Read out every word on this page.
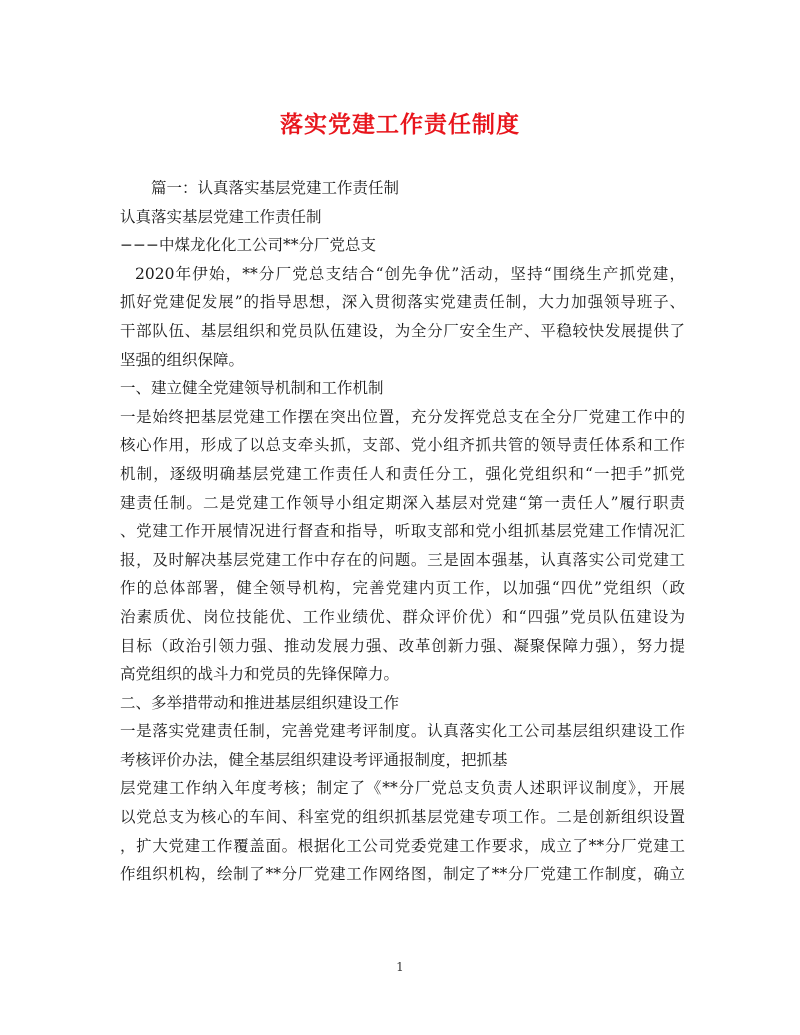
落实党建工作责任制度
篇一：认真落实基层党建工作责任制
认真落实基层党建工作责任制
−−−中煤龙化化工公司**分厂党总支
2020年伊始，**分厂党总支结合“创先争优”活动，坚持“围绕生产抓党建，
抓好党建促发展”的指导思想，深入贯彻落实党建责任制，大力加强领导班子、
干部队伍、基层组织和党员队伍建设，为全分厂安全生产、平稳较快发展提供了
坚强的组织保障。
一、建立健全党建领导机制和工作机制
一是始终把基层党建工作摆在突出位置，充分发挥党总支在全分厂党建工作中的
核心作用，形成了以总支牵头抓，支部、党小组齐抓共管的领导责任体系和工作
机制，逐级明确基层党建工作责任人和责任分工，强化党组织和“一把手”抓党
建责任制。二是党建工作领导小组定期深入基层对党建“第一责任人”履行职责
、党建工作开展情况进行督查和指导，听取支部和党小组抓基层党建工作情况汇
报，及时解决基层党建工作中存在的问题。三是固本强基，认真落实公司党建工
作的总体部署，健全领导机构，完善党建内页工作，以加强“四优”党组织（政
治素质优、岗位技能优、工作业绩优、群众评价优）和“四强”党员队伍建设为
目标（政治引领力强、推动发展力强、改革创新力强、凝聚保障力强），努力提
高党组织的战斗力和党员的先锋保障力。
二、多举措带动和推进基层组织建设工作
一是落实党建责任制，完善党建考评制度。认真落实化工公司基层组织建设工作
考核评价办法，健全基层组织建设考评通报制度，把抓基
层党建工作纳入年度考核；制定了《**分厂党总支负责人述职评议制度》，开展
以党总支为核心的车间、科室党的组织抓基层党建专项工作。二是创新组织设置
，扩大党建工作覆盖面。根据化工公司党委党建工作要求，成立了**分厂党建工
作组织机构，绘制了**分厂党建工作网络图，制定了**分厂党建工作制度，确立
1
